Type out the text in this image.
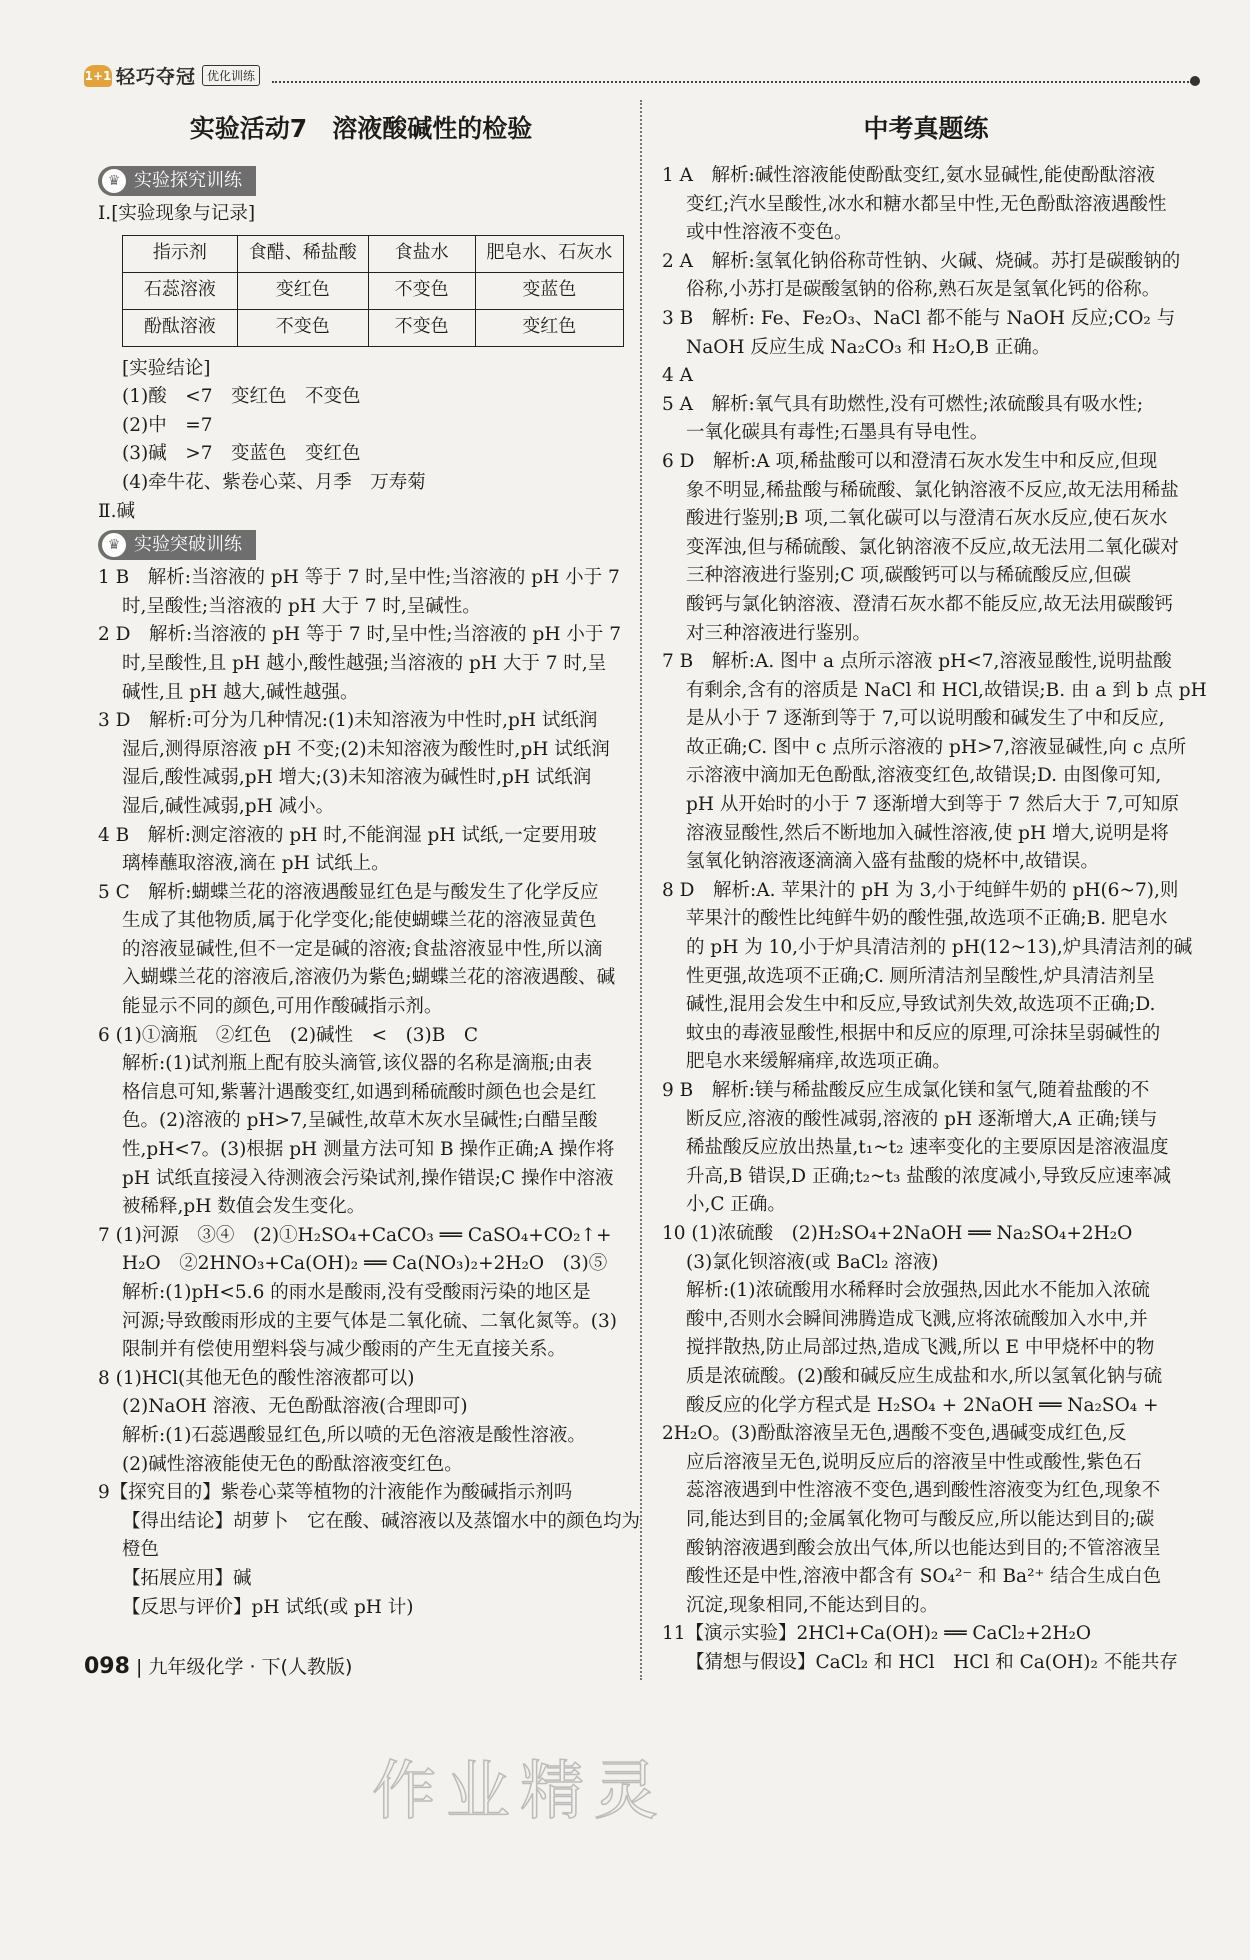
1+1 轻巧夺冠 优化训练
实验活动7　溶液酸碱性的检验
♛ 实验探究训练
Ⅰ.[实验现象与记录]
指示剂	食醋、稀盐酸	食盐水	肥皂水、石灰水
石蕊溶液	变红色	不变色	变蓝色
酚酞溶液	不变色	不变色	变红色
[实验结论]
(1)酸　<7　变红色　不变色
(2)中　=7
(3)碱　>7　变蓝色　变红色
(4)牵牛花、紫卷心菜、月季　万寿菊
Ⅱ.碱
♛ 实验突破训练
1 B　解析:当溶液的 pH 等于 7 时,呈中性;当溶液的 pH 小于 7
时,呈酸性;当溶液的 pH 大于 7 时,呈碱性。
2 D　解析:当溶液的 pH 等于 7 时,呈中性;当溶液的 pH 小于 7
时,呈酸性,且 pH 越小,酸性越强;当溶液的 pH 大于 7 时,呈
碱性,且 pH 越大,碱性越强。
3 D　解析:可分为几种情况:(1)未知溶液为中性时,pH 试纸润
湿后,测得原溶液 pH 不变;(2)未知溶液为酸性时,pH 试纸润
湿后,酸性减弱,pH 增大;(3)未知溶液为碱性时,pH 试纸润
湿后,碱性减弱,pH 减小。
4 B　解析:测定溶液的 pH 时,不能润湿 pH 试纸,一定要用玻
璃棒蘸取溶液,滴在 pH 试纸上。
5 C　解析:蝴蝶兰花的溶液遇酸显红色是与酸发生了化学反应
生成了其他物质,属于化学变化;能使蝴蝶兰花的溶液显黄色
的溶液显碱性,但不一定是碱的溶液;食盐溶液显中性,所以滴
入蝴蝶兰花的溶液后,溶液仍为紫色;蝴蝶兰花的溶液遇酸、碱
能显示不同的颜色,可用作酸碱指示剂。
6 (1)①滴瓶　②红色　(2)碱性　<　(3)B　C
解析:(1)试剂瓶上配有胶头滴管,该仪器的名称是滴瓶;由表
格信息可知,紫薯汁遇酸变红,如遇到稀硫酸时颜色也会是红
色。(2)溶液的 pH>7,呈碱性,故草木灰水呈碱性;白醋呈酸
性,pH<7。(3)根据 pH 测量方法可知 B 操作正确;A 操作将
pH 试纸直接浸入待测液会污染试剂,操作错误;C 操作中溶液
被稀释,pH 数值会发生变化。
7 (1)河源　③④　(2)①H₂SO₄+CaCO₃ ══ CaSO₄+CO₂↑+
H₂O　②2HNO₃+Ca(OH)₂ ══ Ca(NO₃)₂+2H₂O　(3)⑤
解析:(1)pH<5.6 的雨水是酸雨,没有受酸雨污染的地区是
河源;导致酸雨形成的主要气体是二氧化硫、二氧化氮等。(3)
限制并有偿使用塑料袋与减少酸雨的产生无直接关系。
8 (1)HCl(其他无色的酸性溶液都可以)
(2)NaOH 溶液、无色酚酞溶液(合理即可)
解析:(1)石蕊遇酸显红色,所以喷的无色溶液是酸性溶液。
(2)碱性溶液能使无色的酚酞溶液变红色。
9【探究目的】紫卷心菜等植物的汁液能作为酸碱指示剂吗
【得出结论】胡萝卜　它在酸、碱溶液以及蒸馏水中的颜色均为
橙色
【拓展应用】碱
【反思与评价】pH 试纸(或 pH 计)
中考真题练
1 A　解析:碱性溶液能使酚酞变红,氨水显碱性,能使酚酞溶液
变红;汽水呈酸性,冰水和糖水都呈中性,无色酚酞溶液遇酸性
或中性溶液不变色。
2 A　解析:氢氧化钠俗称苛性钠、火碱、烧碱。苏打是碳酸钠的
俗称,小苏打是碳酸氢钠的俗称,熟石灰是氢氧化钙的俗称。
3 B　解析: Fe、Fe₂O₃、NaCl 都不能与 NaOH 反应;CO₂ 与
NaOH 反应生成 Na₂CO₃ 和 H₂O,B 正确。
4 A
5 A　解析:氧气具有助燃性,没有可燃性;浓硫酸具有吸水性;
一氧化碳具有毒性;石墨具有导电性。
6 D　解析:A 项,稀盐酸可以和澄清石灰水发生中和反应,但现
象不明显,稀盐酸与稀硫酸、氯化钠溶液不反应,故无法用稀盐
酸进行鉴别;B 项,二氧化碳可以与澄清石灰水反应,使石灰水
变浑浊,但与稀硫酸、氯化钠溶液不反应,故无法用二氧化碳对
三种溶液进行鉴别;C 项,碳酸钙可以与稀硫酸反应,但碳
酸钙与氯化钠溶液、澄清石灰水都不能反应,故无法用碳酸钙
对三种溶液进行鉴别。
7 B　解析:A. 图中 a 点所示溶液 pH<7,溶液显酸性,说明盐酸
有剩余,含有的溶质是 NaCl 和 HCl,故错误;B. 由 a 到 b 点 pH
是从小于 7 逐渐到等于 7,可以说明酸和碱发生了中和反应,
故正确;C. 图中 c 点所示溶液的 pH>7,溶液显碱性,向 c 点所
示溶液中滴加无色酚酞,溶液变红色,故错误;D. 由图像可知,
pH 从开始时的小于 7 逐渐增大到等于 7 然后大于 7,可知原
溶液显酸性,然后不断地加入碱性溶液,使 pH 增大,说明是将
氢氧化钠溶液逐滴滴入盛有盐酸的烧杯中,故错误。
8 D　解析:A. 苹果汁的 pH 为 3,小于纯鲜牛奶的 pH(6~7),则
苹果汁的酸性比纯鲜牛奶的酸性强,故选项不正确;B. 肥皂水
的 pH 为 10,小于炉具清洁剂的 pH(12~13),炉具清洁剂的碱
性更强,故选项不正确;C. 厕所清洁剂呈酸性,炉具清洁剂呈
碱性,混用会发生中和反应,导致试剂失效,故选项不正确;D.
蚊虫的毒液显酸性,根据中和反应的原理,可涂抹呈弱碱性的
肥皂水来缓解痛痒,故选项正确。
9 B　解析:镁与稀盐酸反应生成氯化镁和氢气,随着盐酸的不
断反应,溶液的酸性减弱,溶液的 pH 逐渐增大,A 正确;镁与
稀盐酸反应放出热量,t₁~t₂ 速率变化的主要原因是溶液温度
升高,B 错误,D 正确;t₂~t₃ 盐酸的浓度减小,导致反应速率减
小,C 正确。
10 (1)浓硫酸　(2)H₂SO₄+2NaOH ══ Na₂SO₄+2H₂O
(3)氯化钡溶液(或 BaCl₂ 溶液)
解析:(1)浓硫酸用水稀释时会放强热,因此水不能加入浓硫
酸中,否则水会瞬间沸腾造成飞溅,应将浓硫酸加入水中,并
搅拌散热,防止局部过热,造成飞溅,所以 E 中甲烧杯中的物
质是浓硫酸。(2)酸和碱反应生成盐和水,所以氢氧化钠与硫
酸反应的化学方程式是 H₂SO₄ + 2NaOH ══ Na₂SO₄ +
2H₂O。(3)酚酞溶液呈无色,遇酸不变色,遇碱变成红色,反
应后溶液呈无色,说明反应后的溶液呈中性或酸性,紫色石
蕊溶液遇到中性溶液不变色,遇到酸性溶液变为红色,现象不
同,能达到目的;金属氧化物可与酸反应,所以能达到目的;碳
酸钠溶液遇到酸会放出气体,所以也能达到目的;不管溶液呈
酸性还是中性,溶液中都含有 SO₄²⁻ 和 Ba²⁺ 结合生成白色
沉淀,现象相同,不能达到目的。
11【演示实验】2HCl+Ca(OH)₂ ══ CaCl₂+2H₂O
【猜想与假设】CaCl₂ 和 HCl　HCl 和 Ca(OH)₂ 不能共存
098 | 九年级化学 · 下(人教版)
作业精灵
